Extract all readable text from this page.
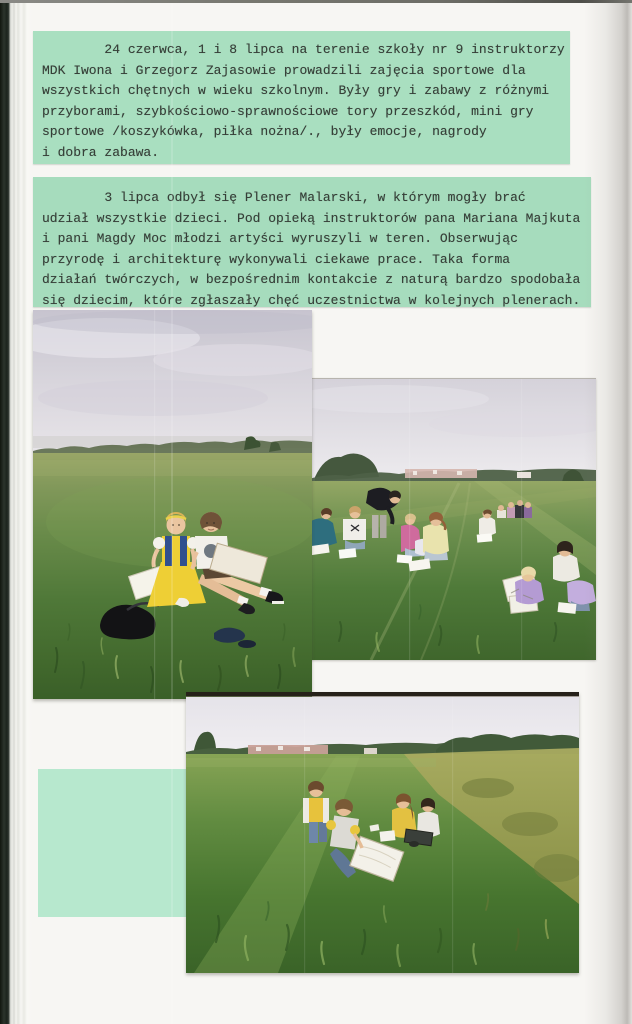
24 czerwca, 1 i 8 lipca na terenie szkoły nr 9 instruktorzy
MDK Iwona i Grzegorz Zajasowie prowadzili zajęcia sportowe dla
wszystkich chętnych w wieku szkolnym. Były gry i zabawy z różnymi
przyborami, szybkościowo-sprawnościowe tory przeszkód, mini gry
sportowe /koszykówka, piłka nożna/., były emocje, nagrody
i dobra zabawa.
3 lipca odbył się Plener Malarski, w którym mogły brać
udział wszystkie dzieci. Pod opieką instruktorów pana Mariana Majkuta
i pani Magdy Moc młodzi artyści wyruszyli w teren. Obserwując
przyrodę i architekturę wykonywali ciekawe prace. Taka forma
działań twórczych, w bezpośrednim kontakcie z naturą bardzo spodobała
się dziecim, które zgłaszały chęć uczestnictwa w kolejnych plenerach.
